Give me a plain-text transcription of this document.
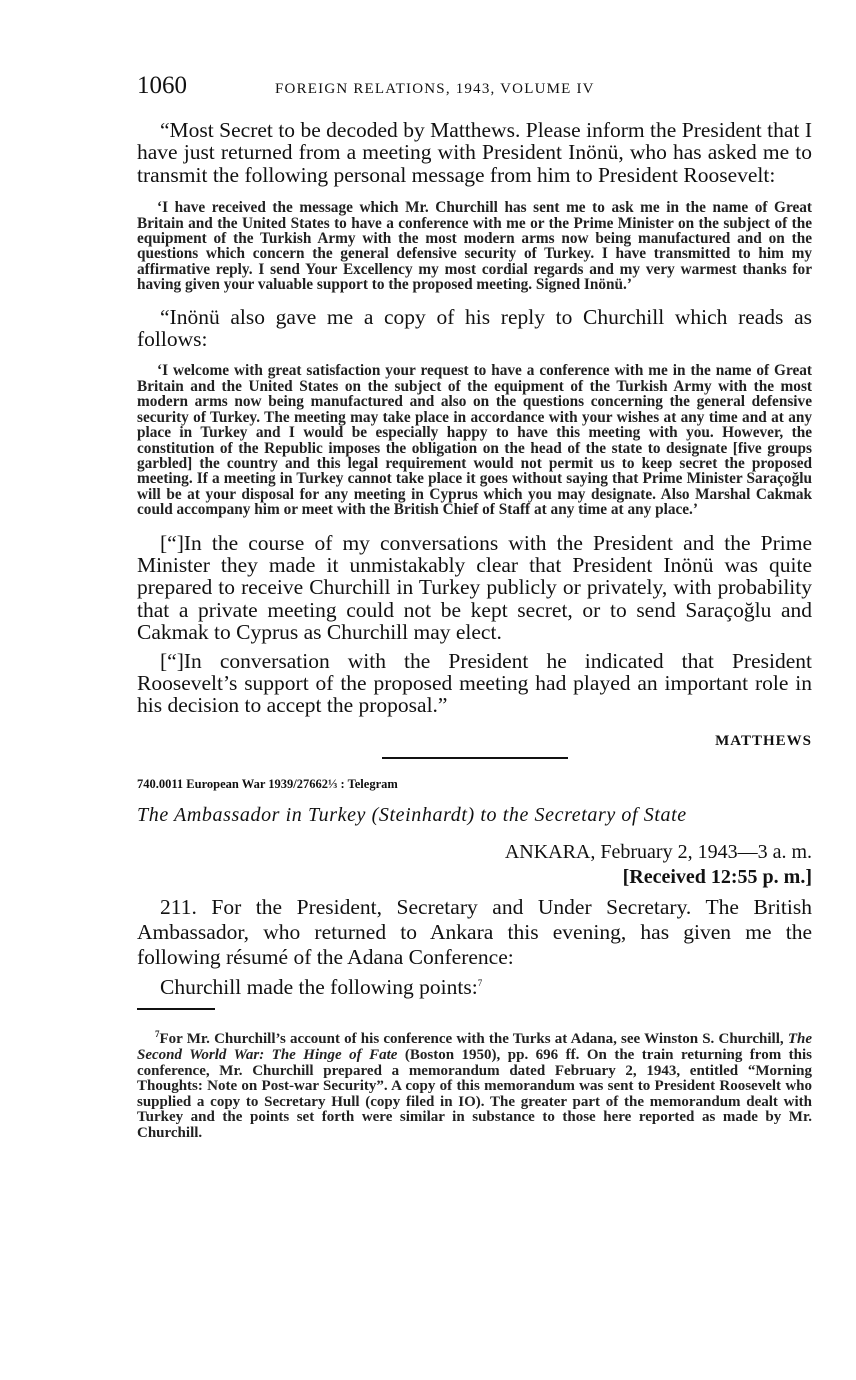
1060	FOREIGN RELATIONS, 1943, VOLUME IV

“Most Secret to be decoded by Matthews. Please inform the President that I have just returned from a meeting with President Inönü, who has asked me to transmit the following personal message from him to President Roosevelt:

‘I have received the message which Mr. Churchill has sent me to ask me in the name of Great Britain and the United States to have a conference with me or the Prime Minister on the subject of the equipment of the Turkish Army with the most modern arms now being manufactured and on the questions which concern the general defensive security of Turkey. I have transmitted to him my affirmative reply. I send Your Excellency my most cordial regards and my very warmest thanks for having given your valuable support to the proposed meeting. Signed Inönü.’

“Inönü also gave me a copy of his reply to Churchill which reads as follows:

‘I welcome with great satisfaction your request to have a conference with me in the name of Great Britain and the United States on the subject of the equipment of the Turkish Army with the most modern arms now being manufactured and also on the questions concerning the general defensive security of Turkey. The meeting may take place in accordance with your wishes at any time and at any place in Turkey and I would be especially happy to have this meeting with you. However, the constitution of the Republic imposes the obligation on the head of the state to designate [five groups garbled] the country and this legal requirement would not permit us to keep secret the proposed meeting. If a meeting in Turkey cannot take place it goes without saying that Prime Minister Saraçoğlu will be at your disposal for any meeting in Cyprus which you may designate. Also Marshal Cakmak could accompany him or meet with the British Chief of Staff at any time at any place.’

[“]In the course of my conversations with the President and the Prime Minister they made it unmistakably clear that President Inönü was quite prepared to receive Churchill in Turkey publicly or privately, with probability that a private meeting could not be kept secret, or to send Saraçoğlu and Cakmak to Cyprus as Churchill may elect.

[“]In conversation with the President he indicated that President Roosevelt’s support of the proposed meeting had played an important role in his decision to accept the proposal.”

MATTHEWS
740.0011 European War 1939/27662⅓ : Telegram
The Ambassador in Turkey (Steinhardt) to the Secretary of State
ANKARA, February 2, 1943—3 a. m.
[Received 12:55 p. m.]

211. For the President, Secretary and Under Secretary. The British Ambassador, who returned to Ankara this evening, has given me the following résumé of the Adana Conference:

Churchill made the following points:$^7$

$^7$For Mr. Churchill’s account of his conference with the Turks at Adana, see Winston S. Churchill, The Second World War: The Hinge of Fate (Boston 1950), pp. 696 ff. On the train returning from this conference, Mr. Churchill prepared a memorandum dated February 2, 1943, entitled “Morning Thoughts: Note on Post-war Security”. A copy of this memorandum was sent to President Roosevelt who supplied a copy to Secretary Hull (copy filed in IO). The greater part of the memorandum dealt with Turkey and the points set forth were similar in substance to those here reported as made by Mr. Churchill.
